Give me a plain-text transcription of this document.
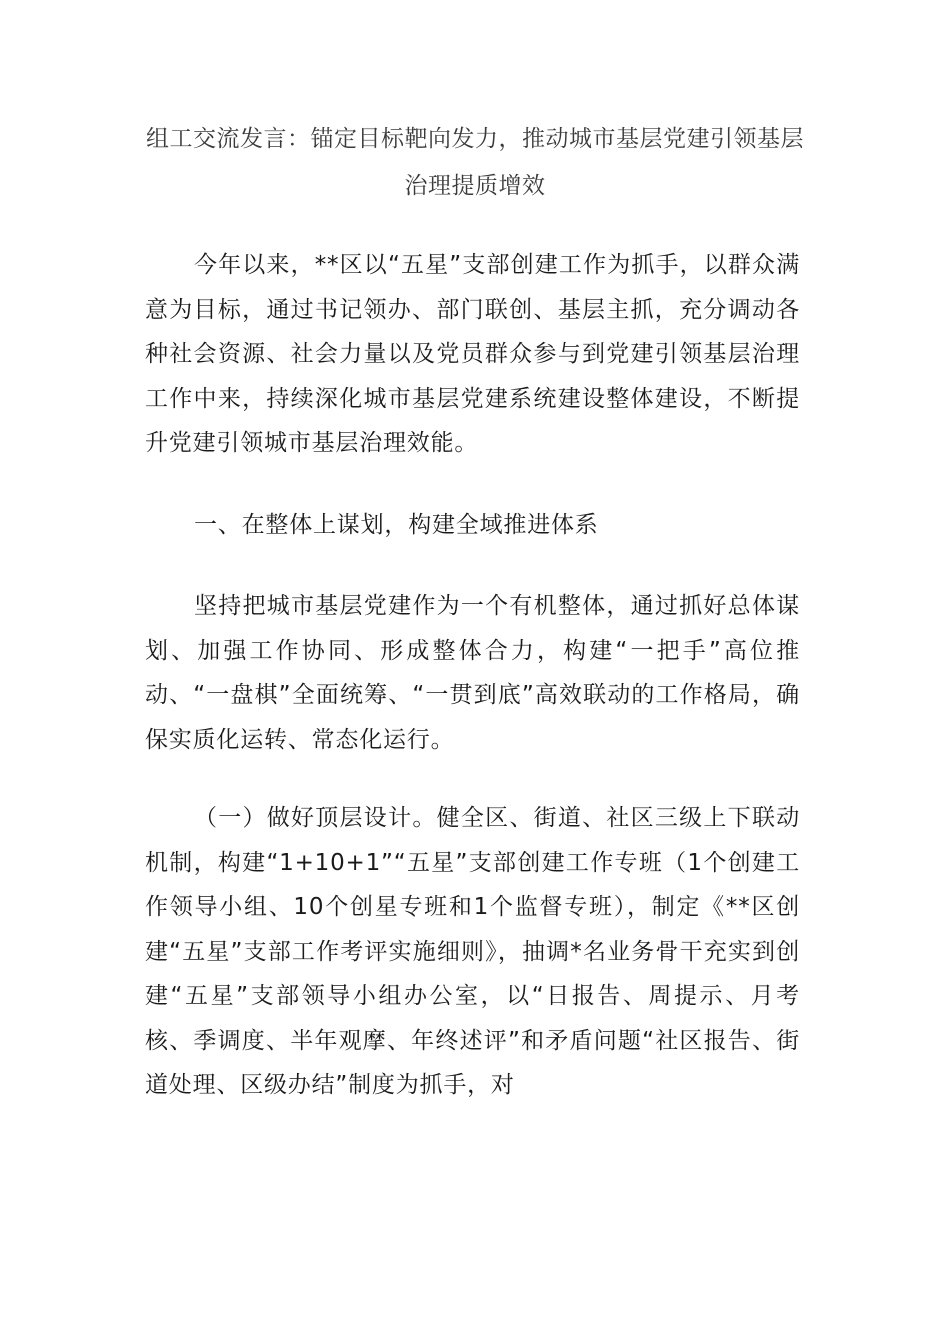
组工交流发言：锚定目标靶向发力，推动城市基层党建引领基层治理提质增效

今年以来，**区以“五星”支部创建工作为抓手，以群众满意为目标，通过书记领办、部门联创、基层主抓，充分调动各种社会资源、社会力量以及党员群众参与到党建引领基层治理工作中来，持续深化城市基层党建系统建设整体建设，不断提升党建引领城市基层治理效能。

一、在整体上谋划，构建全域推进体系

坚持把城市基层党建作为一个有机整体，通过抓好总体谋划、加强工作协同、形成整体合力，构建“一把手”高位推动、“一盘棋”全面统筹、“一贯到底”高效联动的工作格局，确保实质化运转、常态化运行。

（一）做好顶层设计。健全区、街道、社区三级上下联动机制，构建“1+10+1”“五星”支部创建工作专班（1个创建工作领导小组、10个创星专班和1个监督专班），制定《**区创建“五星”支部工作考评实施细则》，抽调*名业务骨干充实到创建“五星”支部领导小组办公室，以“日报告、周提示、月考核、季调度、半年观摩、年终述评”和矛盾问题“社区报告、街道处理、区级办结”制度为抓手，对
